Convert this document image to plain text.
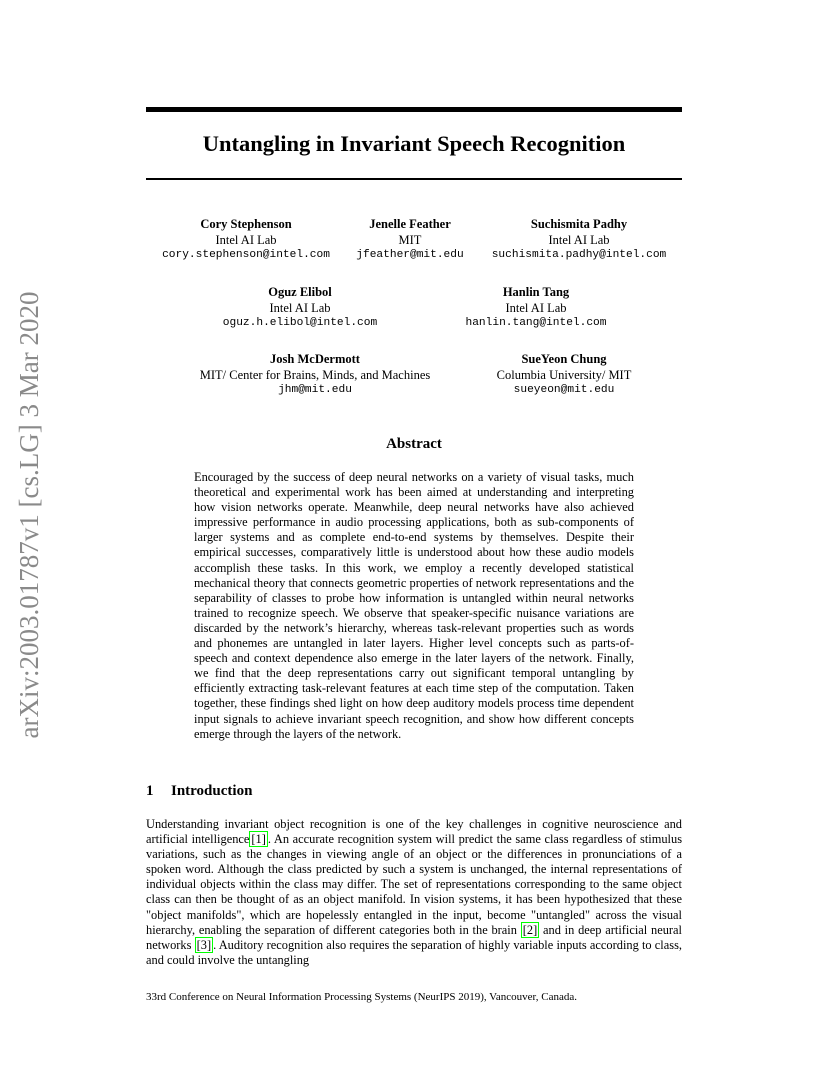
Untangling in Invariant Speech Recognition
arXiv:2003.01787v1 [cs.LG] 3 Mar 2020
Cory Stephenson
Intel AI Lab
cory.stephenson@intel.com
Jenelle Feather
MIT
jfeather@mit.edu
Suchismita Padhy
Intel AI Lab
suchismita.padhy@intel.com
Oguz Elibol
Intel AI Lab
oguz.h.elibol@intel.com
Hanlin Tang
Intel AI Lab
hanlin.tang@intel.com
Josh McDermott
MIT/ Center for Brains, Minds, and Machines
jhm@mit.edu
SueYeon Chung
Columbia University/ MIT
sueyeon@mit.edu
Abstract

Encouraged by the success of deep neural networks on a variety of visual tasks, much theoretical and experimental work has been aimed at understanding and interpreting how vision networks operate. Meanwhile, deep neural networks have also achieved impressive performance in audio processing applications, both as sub-components of larger systems and as complete end-to-end systems by themselves. Despite their empirical successes, comparatively little is understood about how these audio models accomplish these tasks. In this work, we employ a recently developed statistical mechanical theory that connects geometric properties of network representations and the separability of classes to probe how information is untangled within neural networks trained to recognize speech. We observe that speaker-specific nuisance variations are discarded by the network’s hierarchy, whereas task-relevant properties such as words and phonemes are untangled in later layers. Higher level concepts such as parts-of-speech and context dependence also emerge in the later layers of the network. Finally, we find that the deep representations carry out significant temporal untangling by efficiently extracting task-relevant features at each time step of the computation. Taken together, these findings shed light on how deep auditory models process time dependent input signals to achieve invariant speech recognition, and show how different concepts emerge through the layers of the network.

1 Introduction

Understanding invariant object recognition is one of the key challenges in cognitive neuroscience and artificial intelligence [1] . An accurate recognition system will predict the same class regardless of stimulus variations, such as the changes in viewing angle of an object or the differences in pronunciations of a spoken word. Although the class predicted by such a system is unchanged, the internal representations of individual objects within the class may differ. The set of representations corresponding to the same object class can then be thought of as an object manifold. In vision systems, it has been hypothesized that these "object manifolds", which are hopelessly entangled in the input, become "untangled" across the visual hierarchy, enabling the separation of different categories both in the brain [2] and in deep artificial neural networks [3] . Auditory recognition also requires the separation of highly variable inputs according to class, and could involve the untangling

33rd Conference on Neural Information Processing Systems (NeurIPS 2019), Vancouver, Canada.
